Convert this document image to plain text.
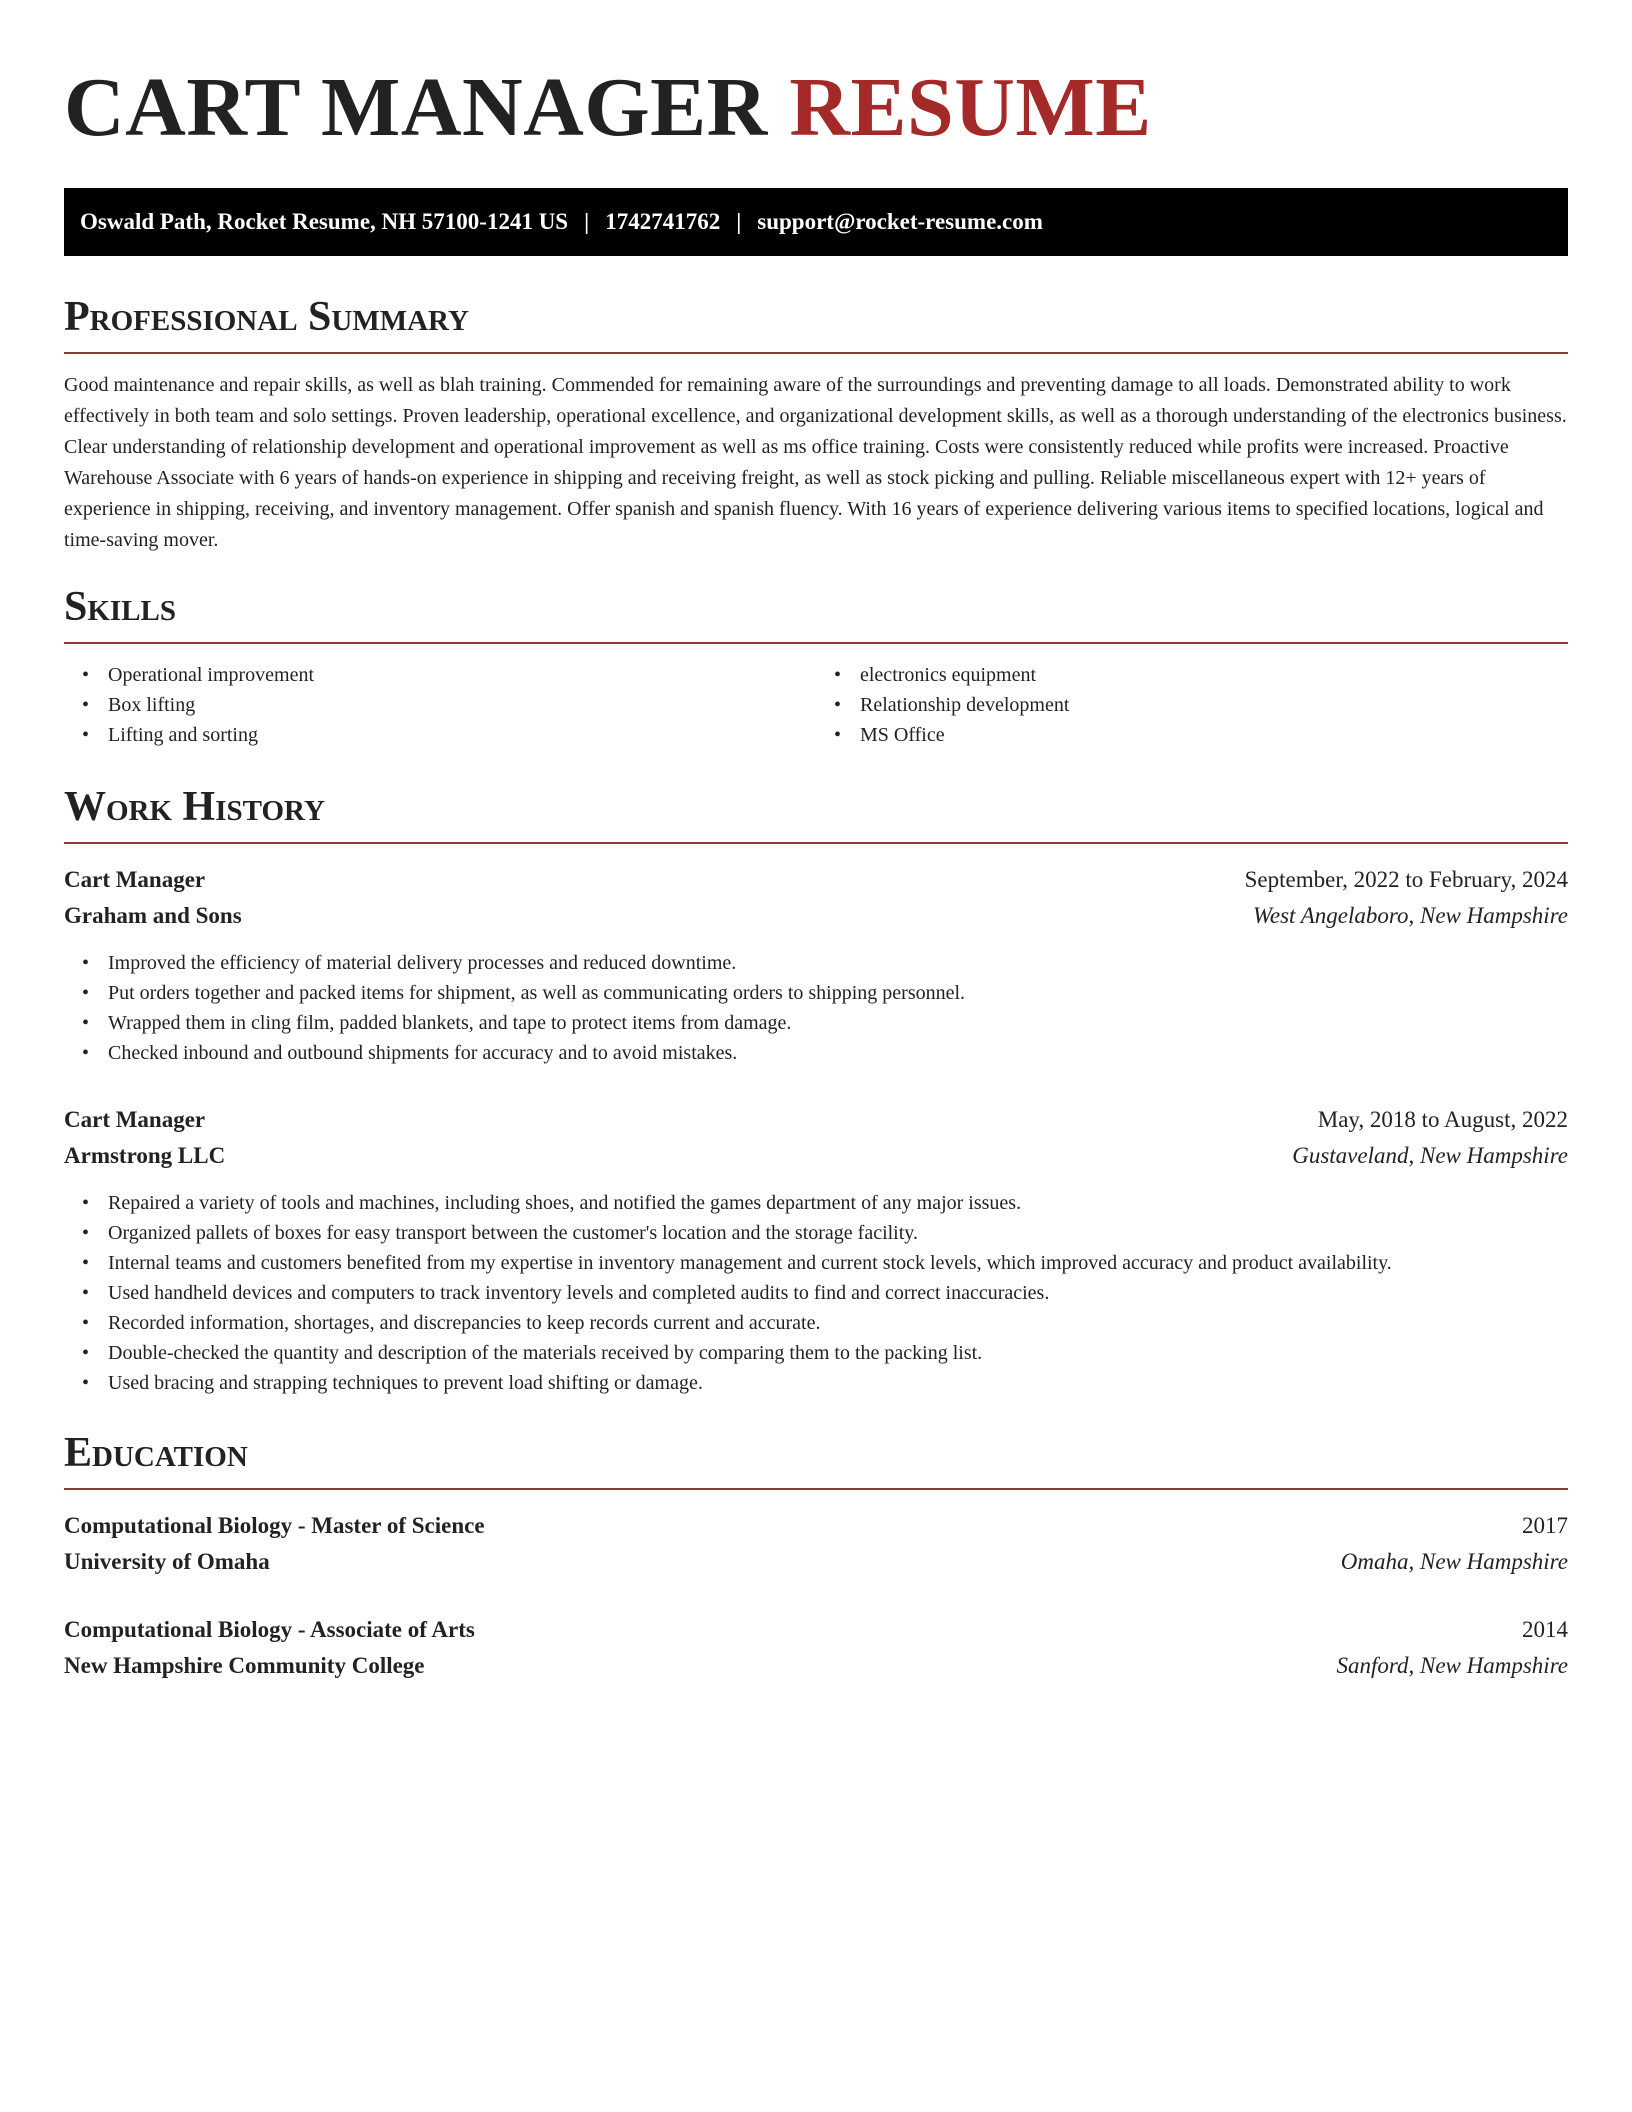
CART MANAGER RESUME
Oswald Path, Rocket Resume, NH 57100-1241 US | 1742741762 | support@rocket-resume.com
Professional Summary

Good maintenance and repair skills, as well as blah training. Commended for remaining aware of the surroundings and preventing damage to all loads. Demonstrated ability to work effectively in both team and solo settings. Proven leadership, operational excellence, and organizational development skills, as well as a thorough understanding of the electronics business. Clear understanding of relationship development and operational improvement as well as ms office training. Costs were consistently reduced while profits were increased. Proactive Warehouse Associate with 6 years of hands-on experience in shipping and receiving freight, as well as stock picking and pulling. Reliable miscellaneous expert with 12+ years of experience in shipping, receiving, and inventory management. Offer spanish and spanish fluency. With 16 years of experience delivering various items to specified locations, logical and time-saving mover.

Skills
• Operational improvement
• Box lifting
• Lifting and sorting
• electronics equipment
• Relationship development
• MS Office
Work History
Cart Manager	September, 2022 to February, 2024
Graham and Sons	West Angelaboro, New Hampshire
• Improved the efficiency of material delivery processes and reduced downtime.
• Put orders together and packed items for shipment, as well as communicating orders to shipping personnel.
• Wrapped them in cling film, padded blankets, and tape to protect items from damage.
• Checked inbound and outbound shipments for accuracy and to avoid mistakes.
Cart Manager	May, 2018 to August, 2022
Armstrong LLC	Gustaveland, New Hampshire
• Repaired a variety of tools and machines, including shoes, and notified the games department of any major issues.
• Organized pallets of boxes for easy transport between the customer's location and the storage facility.
• Internal teams and customers benefited from my expertise in inventory management and current stock levels, which improved accuracy and product availability.
• Used handheld devices and computers to track inventory levels and completed audits to find and correct inaccuracies.
• Recorded information, shortages, and discrepancies to keep records current and accurate.
• Double-checked the quantity and description of the materials received by comparing them to the packing list.
• Used bracing and strapping techniques to prevent load shifting or damage.
Education
Computational Biology - Master of Science	2017
University of Omaha	Omaha, New Hampshire
Computational Biology - Associate of Arts	2014
New Hampshire Community College	Sanford, New Hampshire
